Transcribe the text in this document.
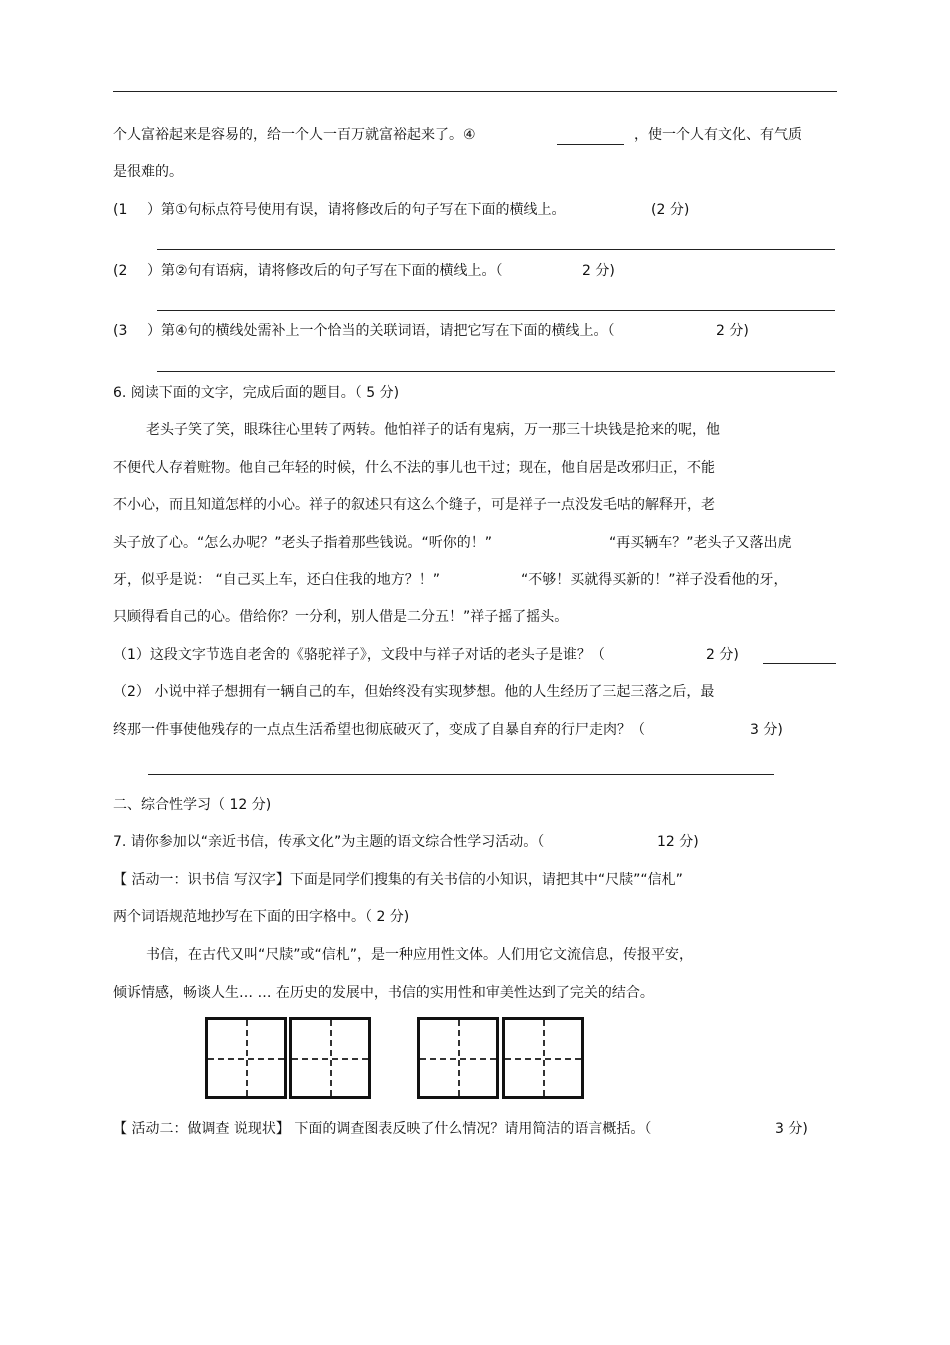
个人富裕起来是容易的，给一个人一百万就富裕起来了。④	，使一个人有文化、有气质
是很难的。
(1 ）第①句标点符号使用有误，请将修改后的句子写在下面的横线上。	(2 分)
(2 ）第②句有语病，请将修改后的句子写在下面的横线上。（	2 分)
(3 ）第④句的横线处需补上一个恰当的关联词语，请把它写在下面的横线上。（	2 分)
6. 阅读下面的文字，完成后面的题目。（ 5 分)
老头子笑了笑，眼珠往心里转了两转。他怕祥子的话有鬼病，万一那三十块钱是抢来的呢，他
不便代人存着赃物。他自己年轻的时候，什么不法的事儿也干过；现在，他自居是改邪归正，不能
不小心，而且知道怎样的小心。祥子的叙述只有这么个缝子，可是祥子一点没发毛咕的解释开，老
头子放了心。“怎么办呢？”老头子指着那些钱说。“听你的！”	“再买辆车？”老头子又落出虎
牙，似乎是说： “自己买上车，还白住我的地方？！”	“不够！买就得买新的！”祥子没看他的牙，
只顾得看自己的心。借给你？一分利，别人借是二分五！”祥子摇了摇头。
（1）这段文字节选自老舍的《骆驼祥子》，文段中与祥子对话的老头子是谁？（	2 分)
（2） 小说中祥子想拥有一辆自己的车，但始终没有实现梦想。他的人生经历了三起三落之后，最
终那一件事使他残存的一点点生活希望也彻底破灭了，变成了自暴自弃的行尸走肉？（	3 分)
二、综合性学习（ 12 分)
7. 请你参加以“亲近书信，传承文化”为主题的语文综合性学习活动。（	12 分)
【 活动一：识书信 写汉字】下面是同学们搜集的有关书信的小知识，请把其中“尺牍”“信札”
两个词语规范地抄写在下面的田字格中。（ 2 分)
书信，在古代又叫“尺牍”或“信札”，是一种应用性文体。人们用它文流信息，传报平安，
倾诉情感，畅谈人生… … 在历史的发展中，书信的实用性和审美性达到了完关的结合。
【 活动二：做调查 说现状】 下面的调查图表反映了什么情况？请用简洁的语言概括。（	3 分)
